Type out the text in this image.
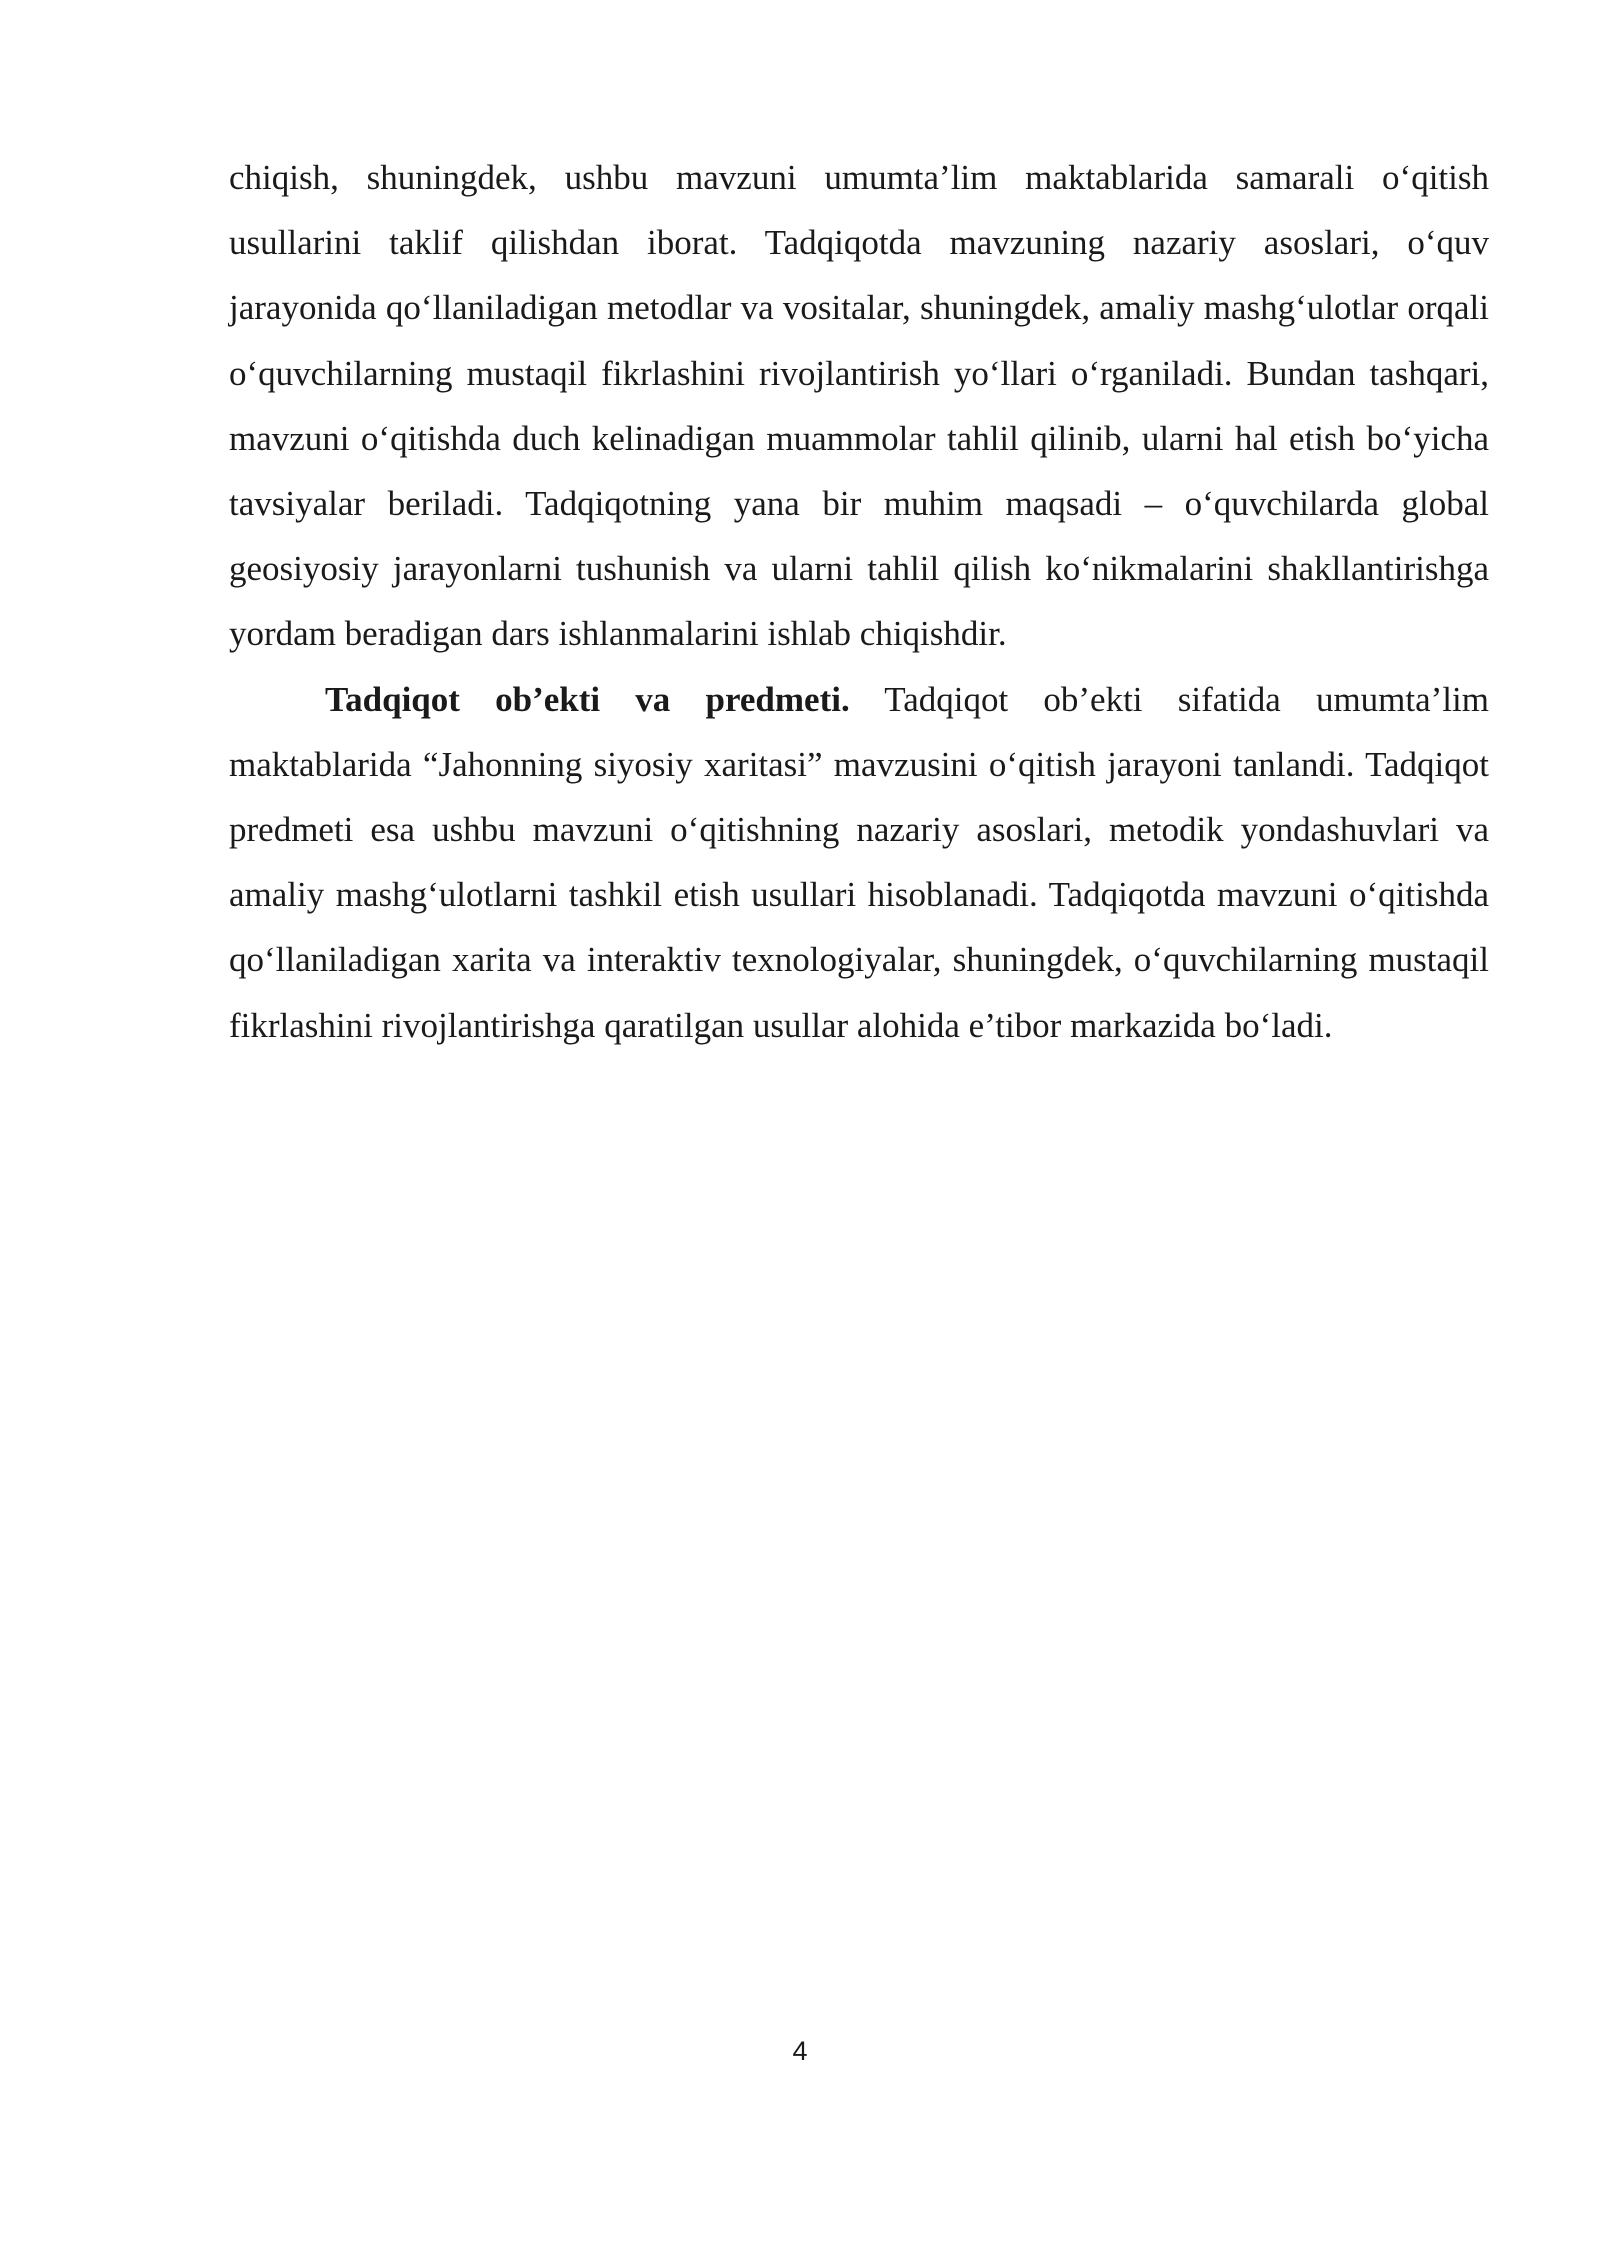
chiqish, shuningdek, ushbu mavzuni umumta’lim maktablarida samarali o‘qitish usullarini taklif qilishdan iborat. Tadqiqotda mavzuning nazariy asoslari, o‘quv jarayonida qo‘llaniladigan metodlar va vositalar, shuningdek, amaliy mashg‘ulotlar orqali o‘quvchilarning mustaqil fikrlashini rivojlantirish yo‘llari o‘rganiladi. Bundan tashqari, mavzuni o‘qitishda duch kelinadigan muammolar tahlil qilinib, ularni hal etish bo‘yicha tavsiyalar beriladi. Tadqiqotning yana bir muhim maqsadi – o‘quvchilarda global geosiyosiy jarayonlarni tushunish va ularni tahlil qilish ko‘nikmalarini shakllantirishga yordam beradigan dars ishlanmalarini ishlab chiqishdir.

Tadqiqot ob’ekti va predmeti. Tadqiqot ob’ekti sifatida umumta’lim maktablarida “Jahonning siyosiy xaritasi” mavzusini o‘qitish jarayoni tanlandi. Tadqiqot predmeti esa ushbu mavzuni o‘qitishning nazariy asoslari, metodik yondashuvlari va amaliy mashg‘ulotlarni tashkil etish usullari hisoblanadi. Tadqiqotda mavzuni o‘qitishda qo‘llaniladigan xarita va interaktiv texnologiyalar, shuningdek, o‘quvchilarning mustaqil fikrlashini rivojlantirishga qaratilgan usullar alohida e’tibor markazida bo‘ladi.

4
